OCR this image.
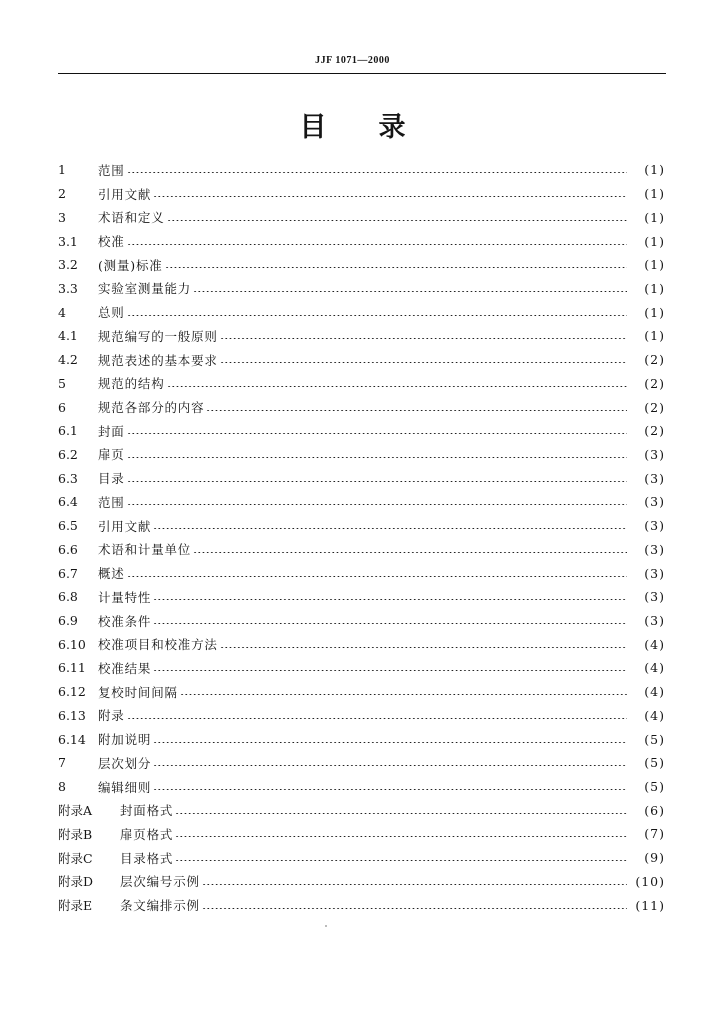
JJF 1071—2000
目 录
1	范围	(1)
2	引用文献	(1)
3	术语和定义	(1)
3.1	校准	(1)
3.2	(测量)标准	(1)
3.3	实验室测量能力	(1)
4	总则	(1)
4.1	规范编写的一般原则	(1)
4.2	规范表述的基本要求	(2)
5	规范的结构	(2)
6	规范各部分的内容	(2)
6.1	封面	(2)
6.2	扉页	(3)
6.3	目录	(3)
6.4	范围	(3)
6.5	引用文献	(3)
6.6	术语和计量单位	(3)
6.7	概述	(3)
6.8	计量特性	(3)
6.9	校准条件	(3)
6.10 校准项目和校准方法	(4)
6.11 校准结果	(4)
6.12 复校时间间隔	(4)
6.13 附录	(4)
6.14 附加说明	(5)
7	层次划分	(5)
8	编辑细则	(5)
附录A	封面格式	(6)
附录B	扉页格式	(7)
附录C	目录格式	(9)
附录D	层次编号示例	(10)
附录E	条文编排示例	(11)
